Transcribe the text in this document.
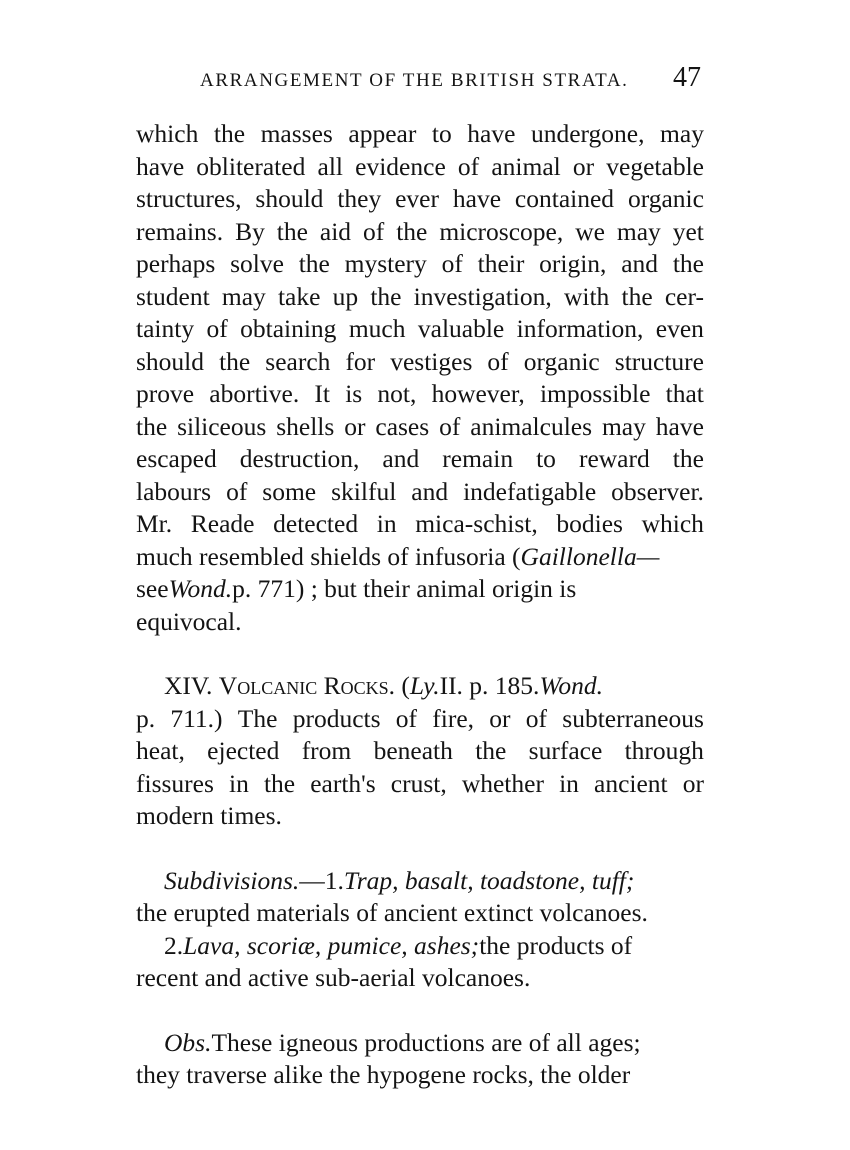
ARRANGEMENT OF THE BRITISH STRATA. 47
which the masses appear to have undergone, may
have obliterated all evidence of animal or vegetable
structures, should they ever have contained organic
remains. By the aid of the microscope, we may yet
perhaps solve the mystery of their origin, and the
student may take up the investigation, with the cer-
tainty of obtaining much valuable information, even
should the search for vestiges of organic structure
prove abortive. It is not, however, impossible that
the siliceous shells or cases of animalcules may have
escaped destruction, and remain to reward the
labours of some skilful and indefatigable observer.
Mr. Reade detected in mica-schist, bodies which
much resembled shields of infusoria ( Gaillonella—
see Wond. p. 771) ; but their animal origin is
equivocal.
XIV.
Volcanic Rocks.
( Ly. II. p. 185. Wond.
p. 711.) The products of fire, or of subterraneous
heat, ejected from beneath the surface through
fissures in the earth's crust, whether in ancient or
modern times.
Subdivisions. —1. Trap, basalt, toadstone, tuff;
the erupted materials of ancient extinct volcanoes.
2. Lava, scoriæ, pumice, ashes; the products of
recent and active sub-aerial volcanoes.
Obs. These igneous productions are of all ages;
they traverse alike the hypogene rocks, the older
